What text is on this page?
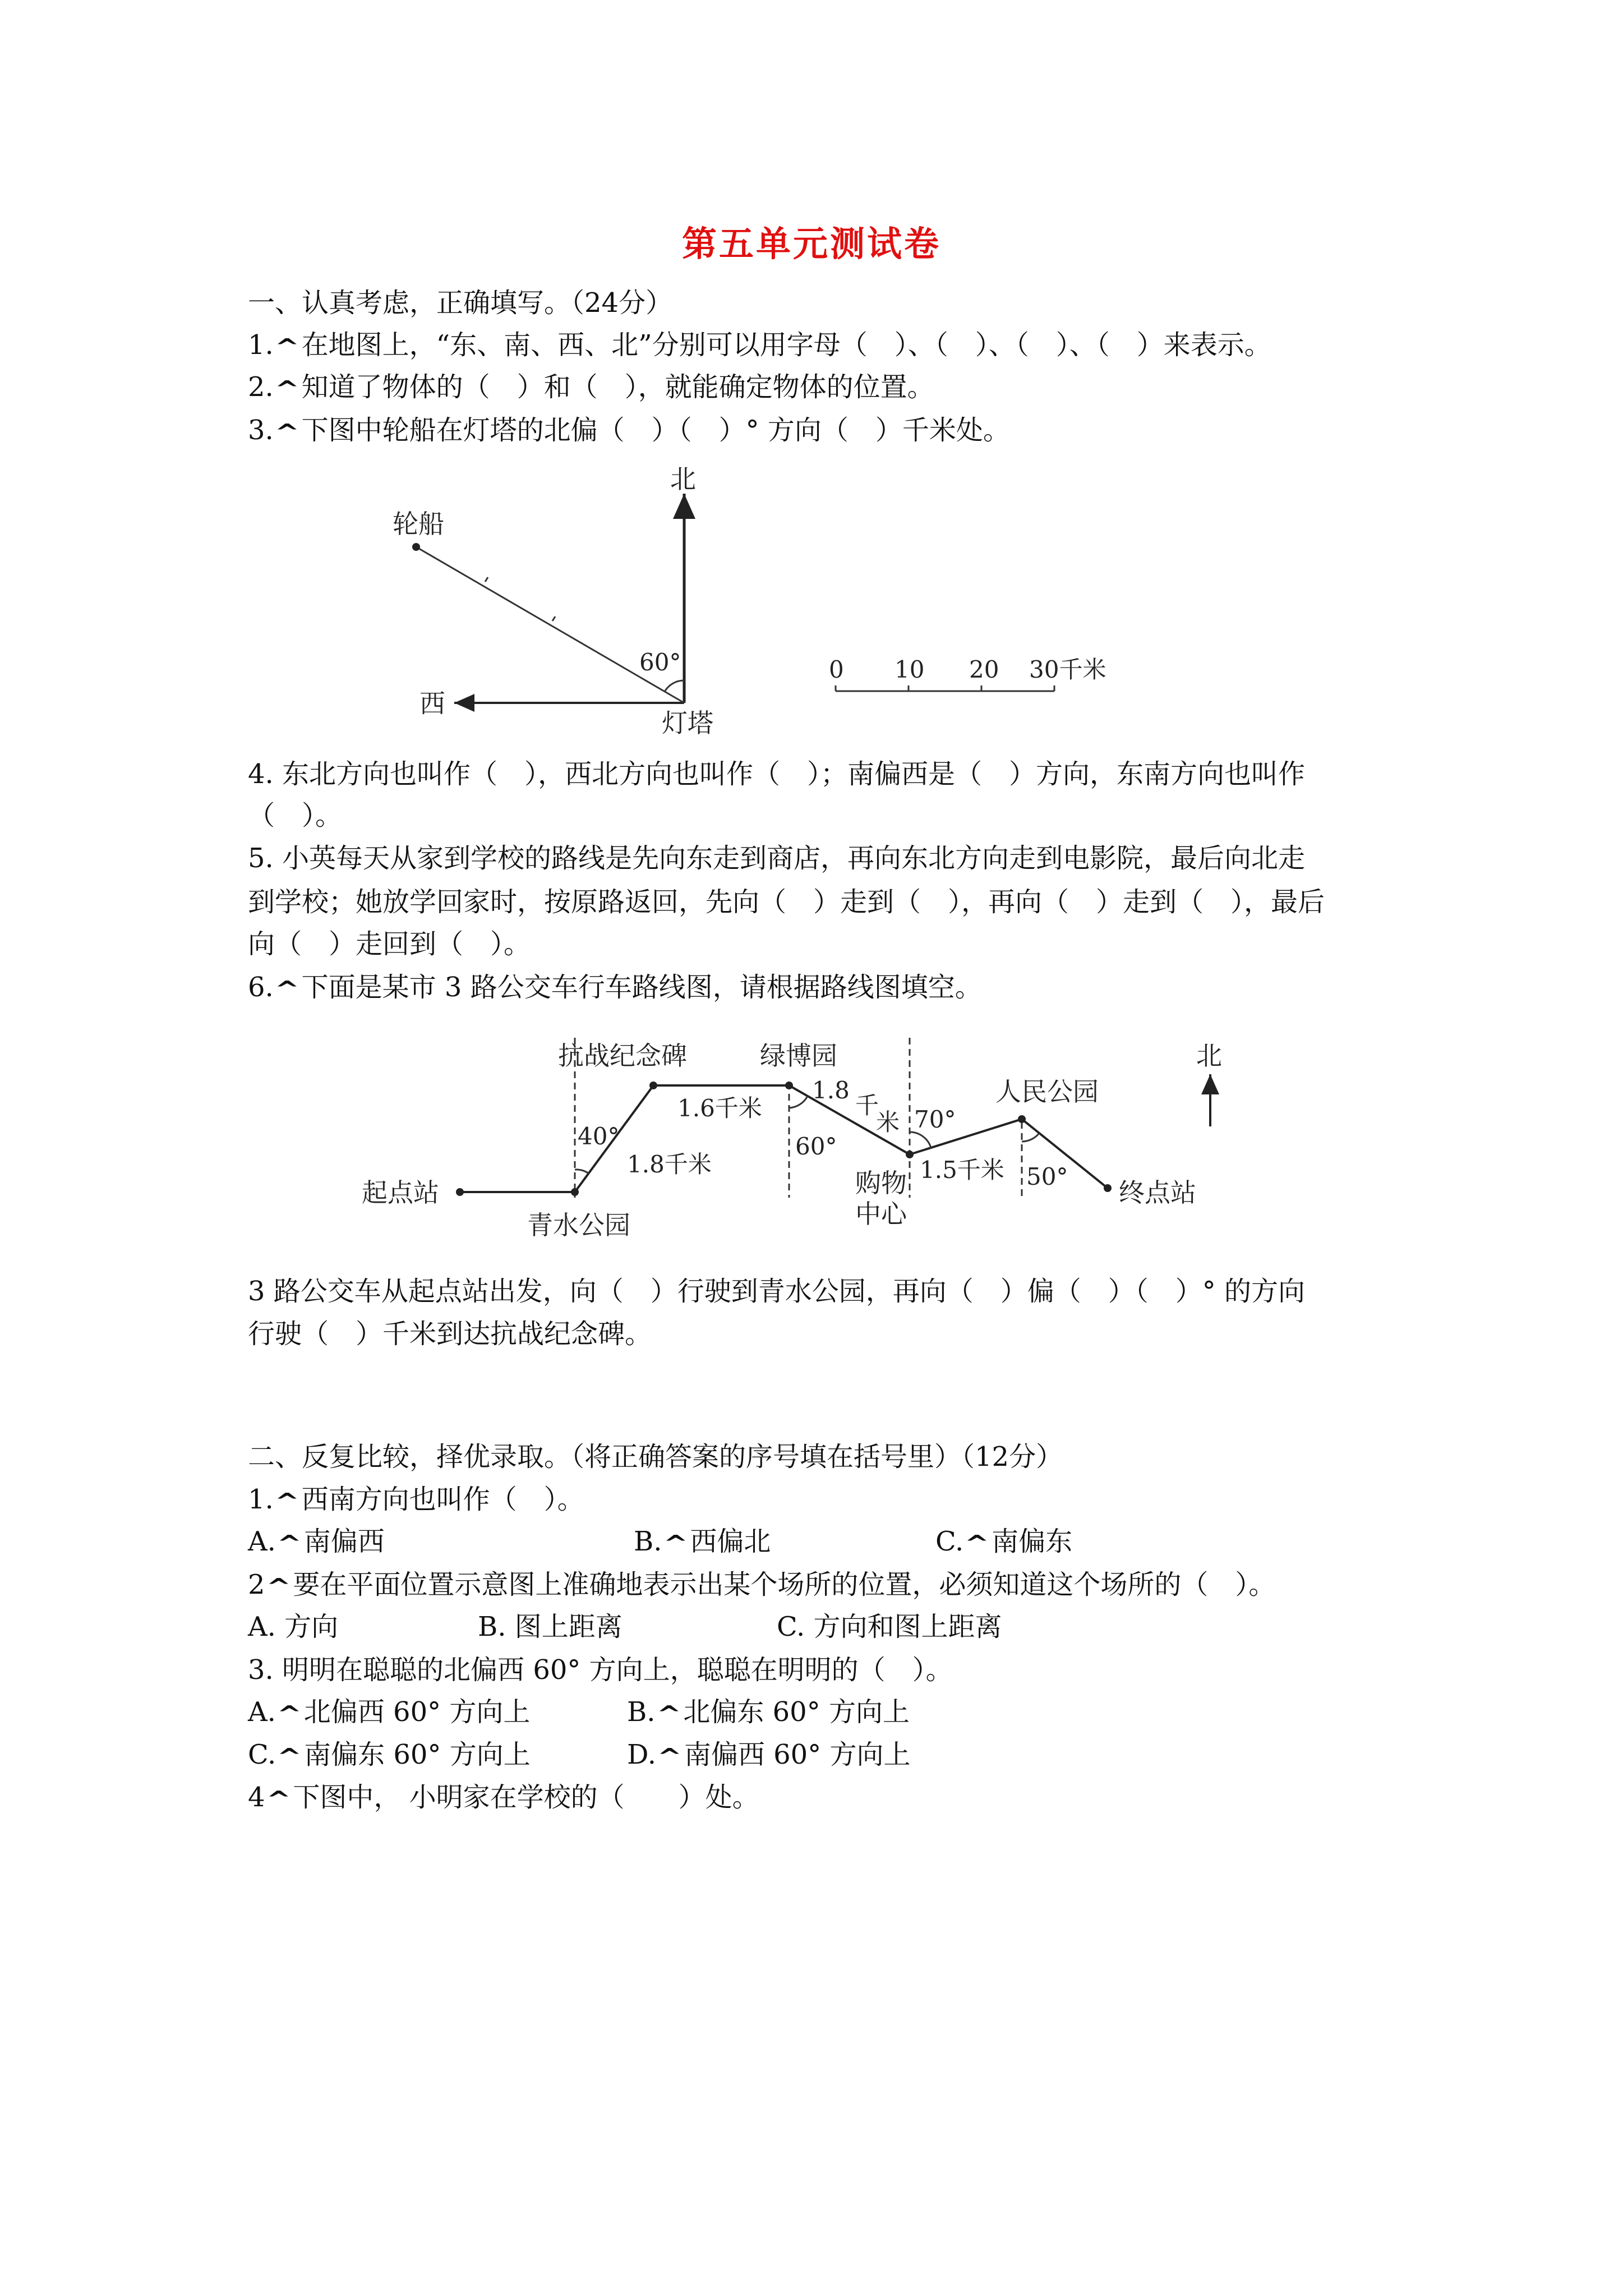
第五单元测试卷
一、认真考虑，正确填写。（24分）
1.^在地图上，“东、南、西、北”分别可以用字母（　）、（　）、（　）、（　）来表示。
2.^知道了物体的（　）和（　），就能确定物体的位置。
3.^下图中轮船在灯塔的北偏（　）（　）° 方向（　）千米处。
北
西
轮船
灯塔
60°	0 10 20 30千米
4. 东北方向也叫作（　），西北方向也叫作（　）；南偏西是（　）方向，东南方向也叫作
（　）。
5. 小英每天从家到学校的路线是先向东走到商店，再向东北方向走到电影院，最后向北走
到学校；她放学回家时，按原路返回，先向（　）走到（　），再向（　）走到（　），最后
向（　）走回到（　）。
6.^下面是某市 3 路公交车行车路线图，请根据路线图填空。
北
起点站
青水公园
抗战纪念碑	绿博园
购物
中心
人民公园
终点站
40°
1.8千米
1.6千米
1.8
千
米
60°
70°
1.5千米 50°
3 路公交车从起点站出发，向（　）行驶到青水公园，再向（　）偏（　）（　）° 的方向
行驶（　）千米到达抗战纪念碑。
二、反复比较，择优录取。（将正确答案的序号填在括号里）（12分）
1.^西南方向也叫作（　）。
A.^南偏西	B.^西偏北	C.^南偏东
2^要在平面位置示意图上准确地表示出某个场所的位置，必须知道这个场所的（　）。
A. 方向	B. 图上距离	C. 方向和图上距离
3. 明明在聪聪的北偏西 60° 方向上，聪聪在明明的（　）。
A.^北偏西 60° 方向上	B.^北偏东 60° 方向上
C.^南偏东 60° 方向上	D.^南偏西 60° 方向上
4^下图中， 小明家在学校的（　　）处。
